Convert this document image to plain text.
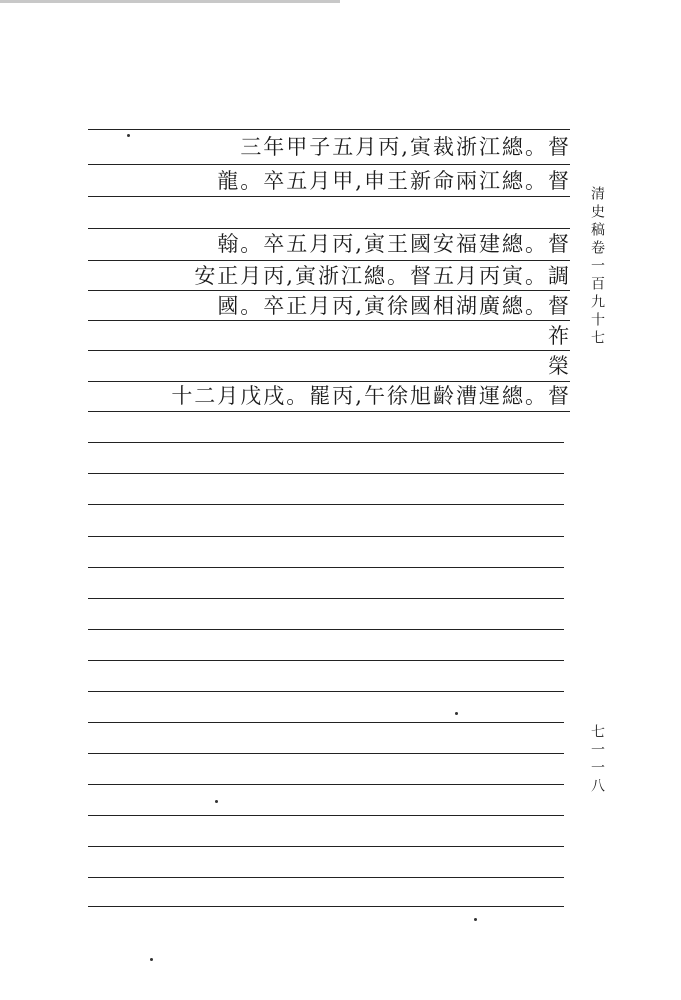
清史稿卷一百九十七
七一一八
三年甲子五月丙,寅裁浙江總。督
龍。卒五月甲,申王新命兩江總。督
翰。卒五月丙,寅王國安福建總。督
安正月丙,寅浙江總。督五月丙寅。調
國。卒正月丙,寅徐國相湖廣總。督
祚
榮
十二月戊戌。罷丙,午徐旭齡漕運總。督
